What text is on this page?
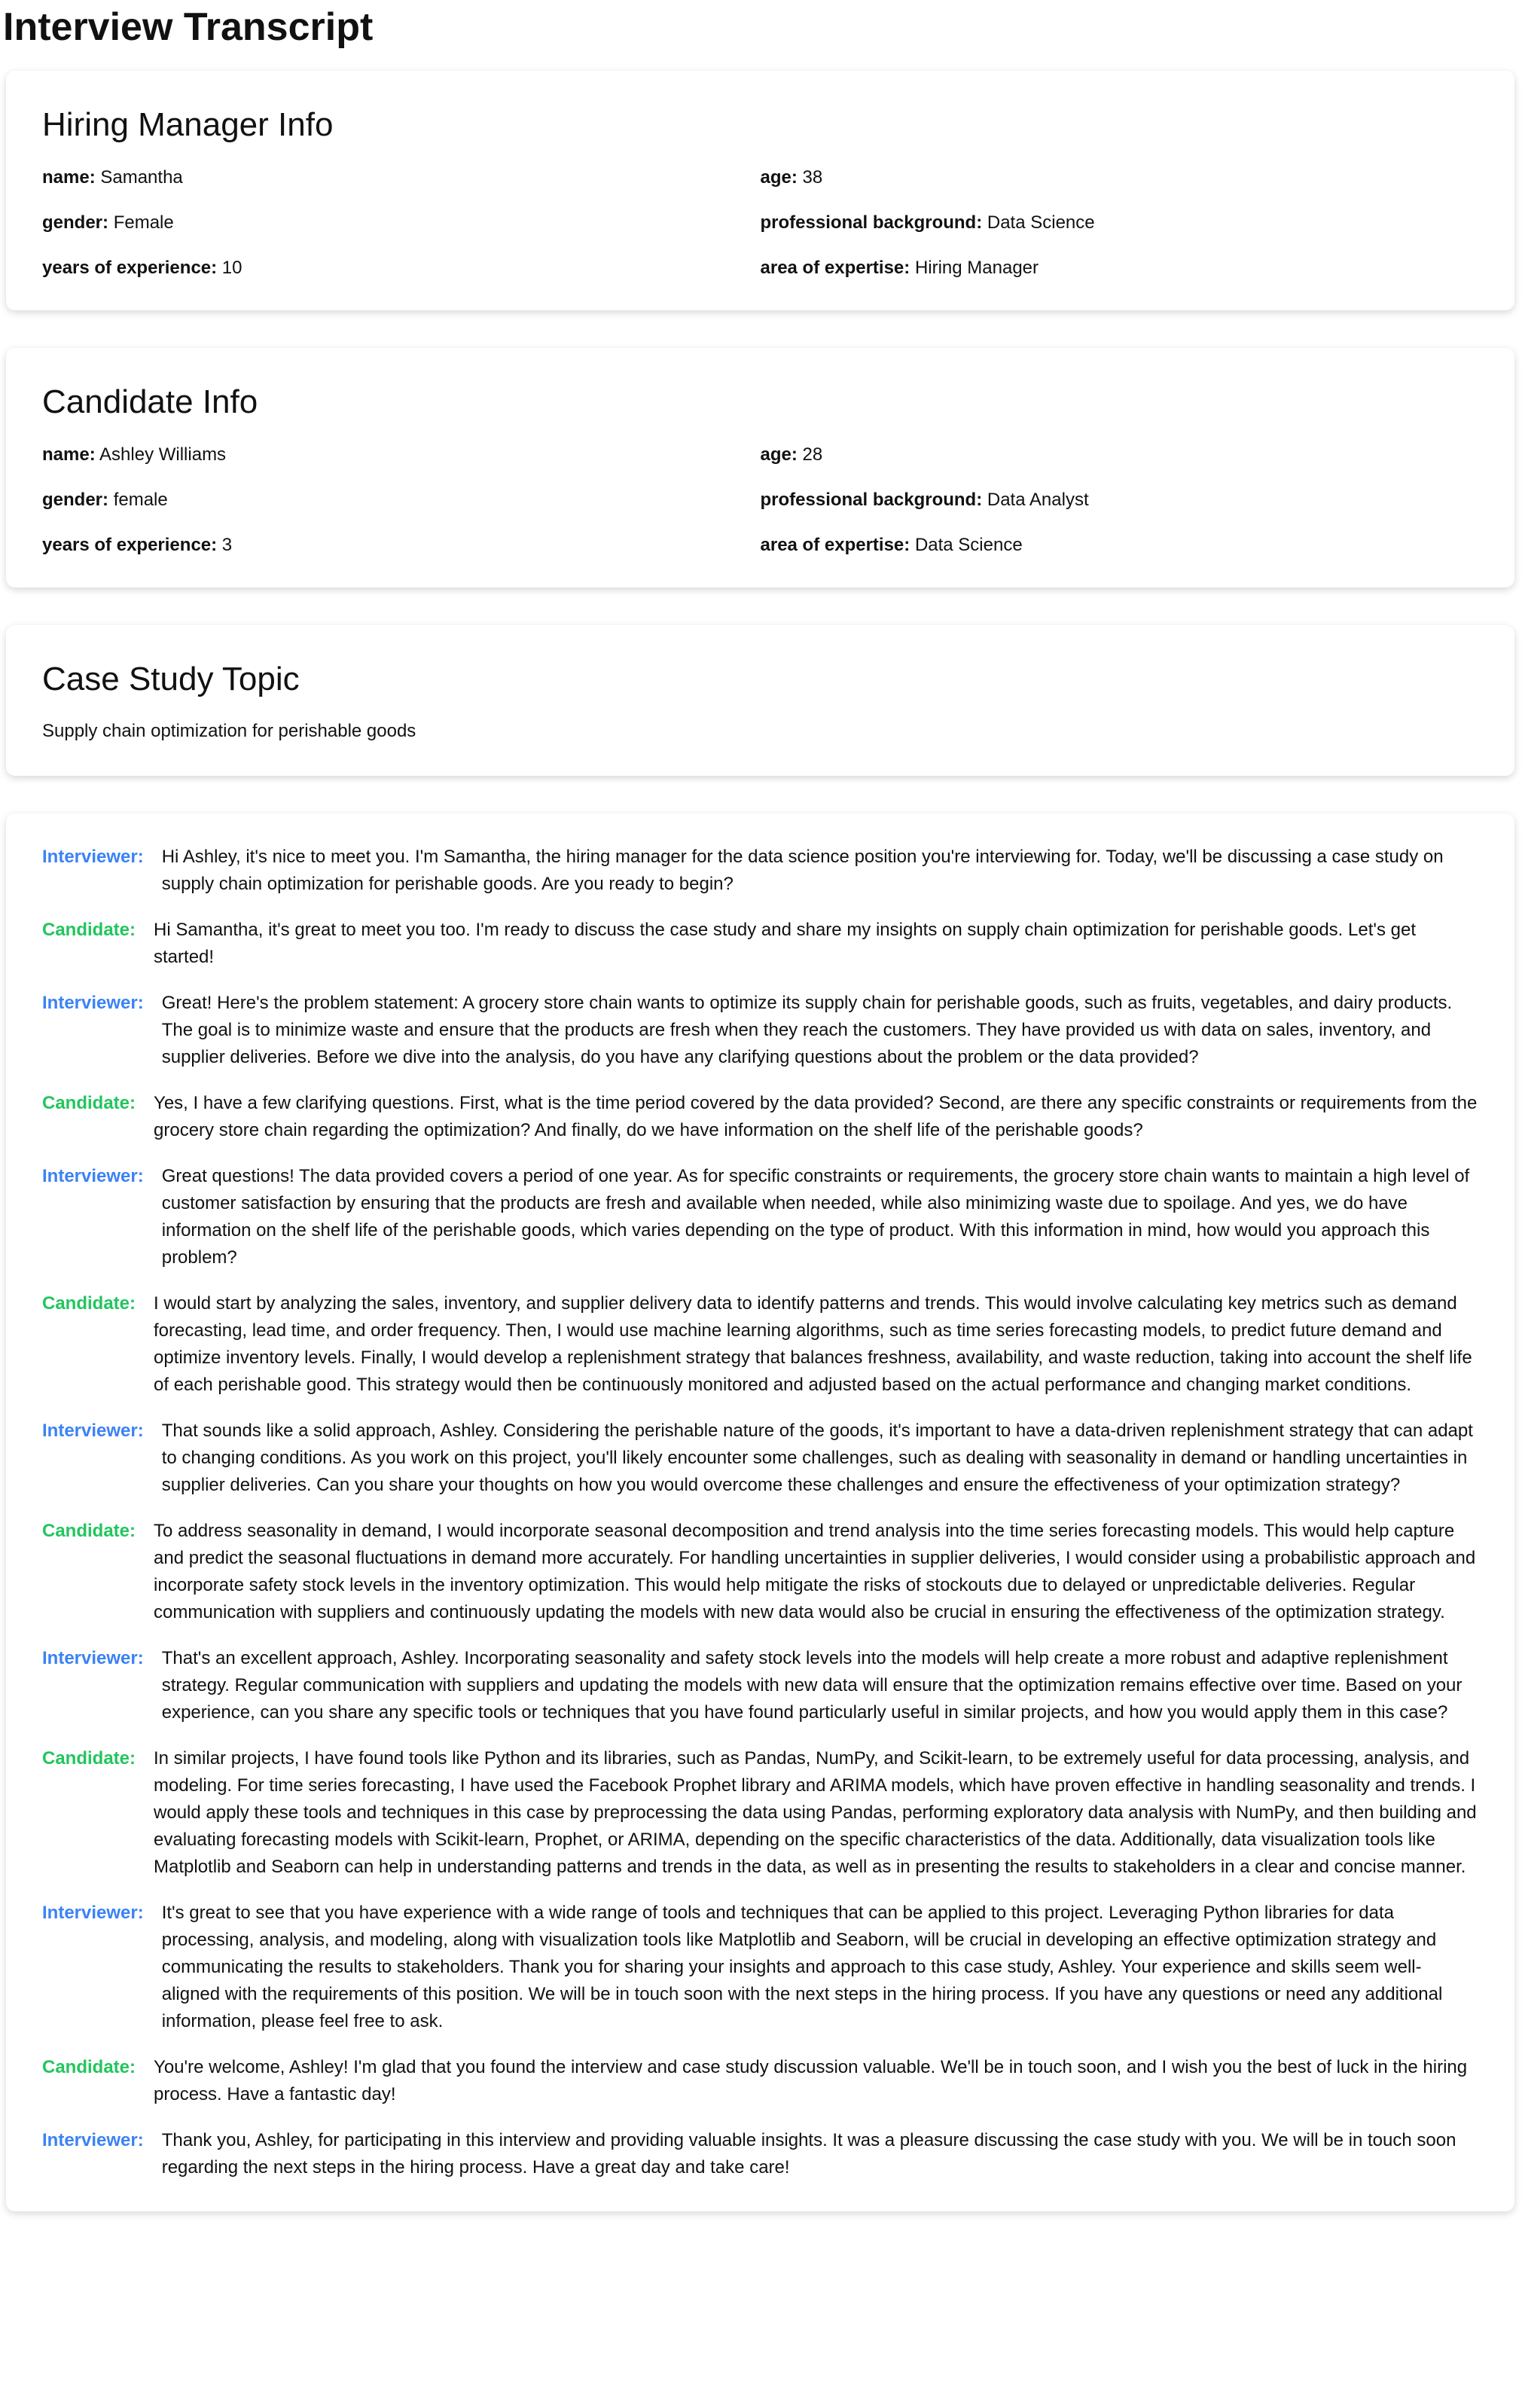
Interview Transcript
Hiring Manager Info
name: Samantha	age: 38
gender: Female	professional background: Data Science
years of experience: 10	area of expertise: Hiring Manager
Candidate Info
name: Ashley Williams	age: 28
gender: female	professional background: Data Analyst
years of experience: 3	area of expertise: Data Science
Case Study Topic
Supply chain optimization for perishable goods
Interviewer: Hi Ashley, it's nice to meet you. I'm Samantha, the hiring manager for the data science position you're interviewing for. Today, we'll be discussing a case study on supply chain optimization for perishable goods. Are you ready to begin?
Candidate: Hi Samantha, it's great to meet you too. I'm ready to discuss the case study and share my insights on supply chain optimization for perishable goods. Let's get started!
Interviewer: Great! Here's the problem statement: A grocery store chain wants to optimize its supply chain for perishable goods, such as fruits, vegetables, and dairy products. The goal is to minimize waste and ensure that the products are fresh when they reach the customers. They have provided us with data on sales, inventory, and supplier deliveries. Before we dive into the analysis, do you have any clarifying questions about the problem or the data provided?
Candidate: Yes, I have a few clarifying questions. First, what is the time period covered by the data provided? Second, are there any specific constraints or requirements from the grocery store chain regarding the optimization? And finally, do we have information on the shelf life of the perishable goods?
Interviewer: Great questions! The data provided covers a period of one year. As for specific constraints or requirements, the grocery store chain wants to maintain a high level of customer satisfaction by ensuring that the products are fresh and available when needed, while also minimizing waste due to spoilage. And yes, we do have information on the shelf life of the perishable goods, which varies depending on the type of product. With this information in mind, how would you approach this problem?
Candidate: I would start by analyzing the sales, inventory, and supplier delivery data to identify patterns and trends. This would involve calculating key metrics such as demand forecasting, lead time, and order frequency. Then, I would use machine learning algorithms, such as time series forecasting models, to predict future demand and optimize inventory levels. Finally, I would develop a replenishment strategy that balances freshness, availability, and waste reduction, taking into account the shelf life of each perishable good. This strategy would then be continuously monitored and adjusted based on the actual performance and changing market conditions.
Interviewer: That sounds like a solid approach, Ashley. Considering the perishable nature of the goods, it's important to have a data-driven replenishment strategy that can adapt to changing conditions. As you work on this project, you'll likely encounter some challenges, such as dealing with seasonality in demand or handling uncertainties in supplier deliveries. Can you share your thoughts on how you would overcome these challenges and ensure the effectiveness of your optimization strategy?
Candidate: To address seasonality in demand, I would incorporate seasonal decomposition and trend analysis into the time series forecasting models. This would help capture and predict the seasonal fluctuations in demand more accurately. For handling uncertainties in supplier deliveries, I would consider using a probabilistic approach and incorporate safety stock levels in the inventory optimization. This would help mitigate the risks of stockouts due to delayed or unpredictable deliveries. Regular communication with suppliers and continuously updating the models with new data would also be crucial in ensuring the effectiveness of the optimization strategy.
Interviewer: That's an excellent approach, Ashley. Incorporating seasonality and safety stock levels into the models will help create a more robust and adaptive replenishment strategy. Regular communication with suppliers and updating the models with new data will ensure that the optimization remains effective over time. Based on your experience, can you share any specific tools or techniques that you have found particularly useful in similar projects, and how you would apply them in this case?
Candidate: In similar projects, I have found tools like Python and its libraries, such as Pandas, NumPy, and Scikit-learn, to be extremely useful for data processing, analysis, and modeling. For time series forecasting, I have used the Facebook Prophet library and ARIMA models, which have proven effective in handling seasonality and trends. I would apply these tools and techniques in this case by preprocessing the data using Pandas, performing exploratory data analysis with NumPy, and then building and evaluating forecasting models with Scikit-learn, Prophet, or ARIMA, depending on the specific characteristics of the data. Additionally, data visualization tools like Matplotlib and Seaborn can help in understanding patterns and trends in the data, as well as in presenting the results to stakeholders in a clear and concise manner.
Interviewer: It's great to see that you have experience with a wide range of tools and techniques that can be applied to this project. Leveraging Python libraries for data processing, analysis, and modeling, along with visualization tools like Matplotlib and Seaborn, will be crucial in developing an effective optimization strategy and communicating the results to stakeholders. Thank you for sharing your insights and approach to this case study, Ashley. Your experience and skills seem well-aligned with the requirements of this position. We will be in touch soon with the next steps in the hiring process. If you have any questions or need any additional information, please feel free to ask.
Candidate: You're welcome, Ashley! I'm glad that you found the interview and case study discussion valuable. We'll be in touch soon, and I wish you the best of luck in the hiring process. Have a fantastic day!
Interviewer: Thank you, Ashley, for participating in this interview and providing valuable insights. It was a pleasure discussing the case study with you. We will be in touch soon regarding the next steps in the hiring process. Have a great day and take care!
